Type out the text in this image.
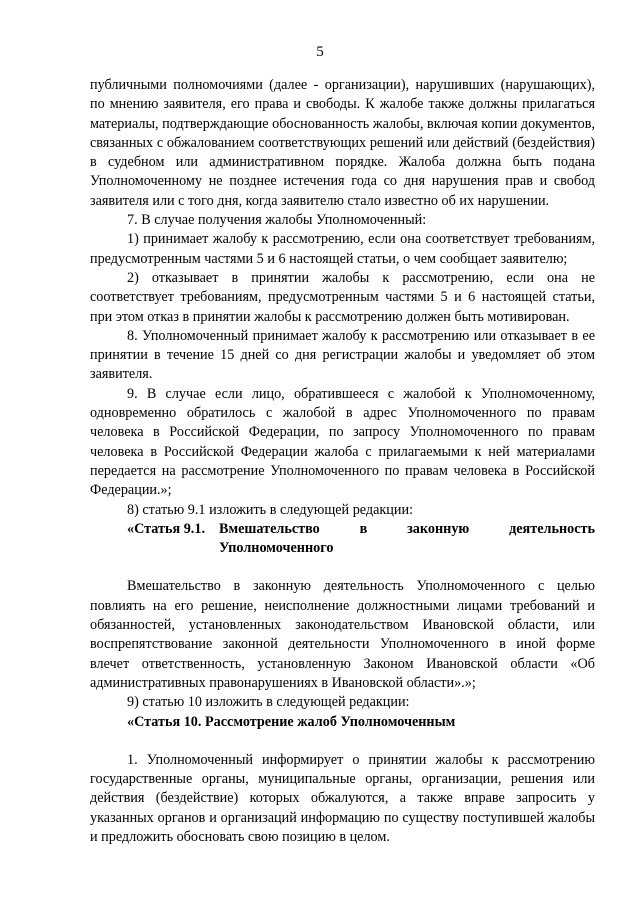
5

публичными полномочиями (далее - организации), нарушивших (нарушающих), по мнению заявителя, его права и свободы. К жалобе также должны прилагаться материалы, подтверждающие обоснованность жалобы, включая копии документов, связанных с обжалованием соответствующих решений или действий (бездействия) в судебном или административном порядке. Жалоба должна быть подана Уполномоченному не позднее истечения года со дня нарушения прав и свобод заявителя или с того дня, когда заявителю стало известно об их нарушении.

7. В случае получения жалобы Уполномоченный:

1) принимает жалобу к рассмотрению, если она соответствует требованиям, предусмотренным частями 5 и 6 настоящей статьи, о чем сообщает заявителю;

2) отказывает в принятии жалобы к рассмотрению, если она не соответствует требованиям, предусмотренным частями 5 и 6 настоящей статьи, при этом отказ в принятии жалобы к рассмотрению должен быть мотивирован.

8. Уполномоченный принимает жалобу к рассмотрению или отказывает в ее принятии в течение 15 дней со дня регистрации жалобы и уведомляет об этом заявителя.

9. В случае если лицо, обратившееся с жалобой к Уполномоченному, одновременно обратилось с жалобой в адрес Уполномоченного по правам человека в Российской Федерации, по запросу Уполномоченного по правам человека в Российской Федерации жалоба с прилагаемыми к ней материалами передается на рассмотрение Уполномоченного по правам человека в Российской Федерации.»;

8) статью 9.1 изложить в следующей редакции:

«Статья 9.1. Вмешательство в законную деятельность Уполномоченного

Вмешательство в законную деятельность Уполномоченного с целью повлиять на его решение, неисполнение должностными лицами требований и обязанностей, установленных законодательством Ивановской области, или воспрепятствование законной деятельности Уполномоченного в иной форме влечет ответственность, установленную Законом Ивановской области «Об административных правонарушениях в Ивановской области».»;

9) статью 10 изложить в следующей редакции:

«Статья 10. Рассмотрение жалоб Уполномоченным

1. Уполномоченный информирует о принятии жалобы к рассмотрению государственные органы, муниципальные органы, организации, решения или действия (бездействие) которых обжалуются, а также вправе запросить у указанных органов и организаций информацию по существу поступившей жалобы и предложить обосновать свою позицию в целом.
